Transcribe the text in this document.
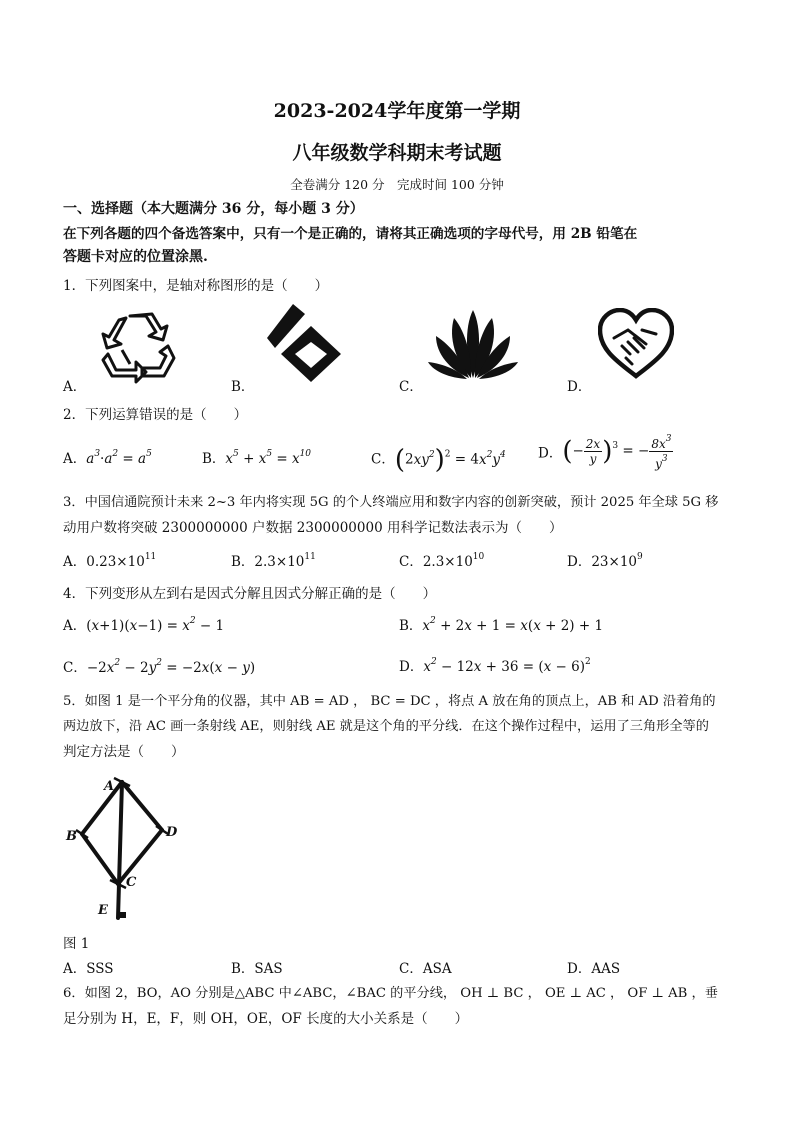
2023-2024学年度第一学期
八年级数学科期末考试题
全卷满分 120 分　完成时间 100 分钟
一、选择题（本大题满分 36 分，每小题 3 分）
在下列各题的四个备选答案中，只有一个是正确的，请将其正确选项的字母代号，用 2B 铅笔在
答题卡对应的位置涂黑.
1．下列图案中，是轴对称图形的是（　　）
A．	B．	C．	D．
2．下列运算错误的是（　　）
A．$a^3\cdot a^2 = a^5$	B．$x^5 + x^5 = x^{10}$	C．$(2xy^2)^2 = 4x^2y^4$ D．(− $\frac{2x}{y} )^3$ = − $\frac{8x^3}{y^3}$
3．中国信通院预计未来 2~3 年内将实现 5G 的个人终端应用和数字内容的创新突破，预计 2025 年全球 5G 移
动用户数将突破 2300000000 户数据 2300000000 用科学记数法表示为（　　）
A．$0.23\times 10^{11}$	B．$2.3\times 10^{11}$	C．$2.3\times 10^{10}$	D．$23\times 10^9$
4．下列变形从左到右是因式分解且因式分解正确的是（　　）
A．$(x+1)(x-1) = x^2 - 1$	B．$x^2 + 2x + 1 = x(x + 2) + 1$
C．$-2x^2 - 2y^2 = -2x(x - y)$	D．$x^2 - 12x + 36 = (x - 6)^2$
5．如图 1 是一个平分角的仪器，其中 AB = AD ， BC = DC ，将点 A 放在角的顶点上，AB 和 AD 沿着角的
两边放下，沿 AC 画一条射线 AE，则射线 AE 就是这个角的平分线．在这个操作过程中，运用了三角形全等的
判定方法是（　　）
A
B
C
D
E
图 1
A．SSS	B．SAS	C．ASA	D．AAS
6．如图 2，BO，AO 分别是△ABC 中∠ABC，∠BAC 的平分线， OH ⊥ BC ， OE ⊥ AC ， OF ⊥ AB ，垂
足分别为 H，E，F，则 OH，OE，OF 长度的大小关系是（　　）
